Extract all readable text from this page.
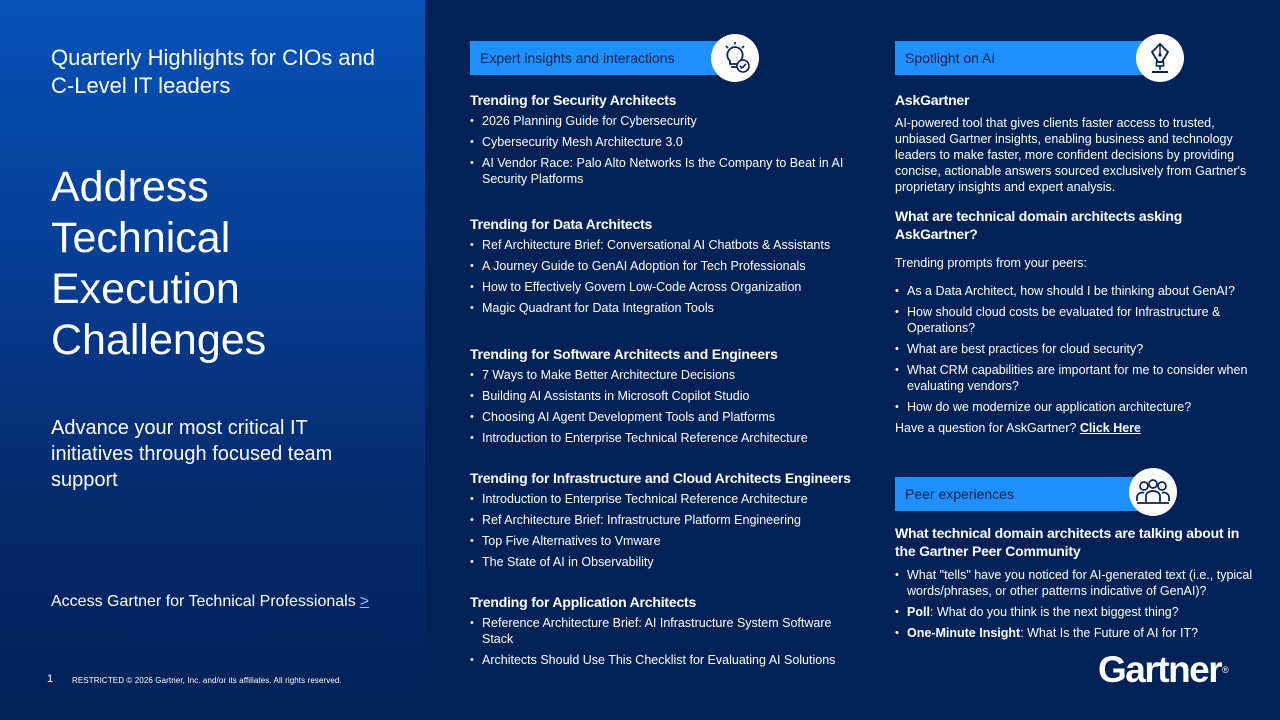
Quarterly Highlights for CIOs and C-Level IT leaders
Address Technical Execution Challenges
Advance your most critical IT initiatives through focused team support
Access Gartner for Technical Professionals >
1 RESTRICTED © 2026 Gartner, Inc. and/or its affiliates. All rights reserved.
Expert insights and interactions
Trending for Security Architects
• 2026 Planning Guide for Cybersecurity
• Cybersecurity Mesh Architecture 3.0
• AI Vendor Race: Palo Alto Networks Is the Company to Beat in AI Security Platforms
Trending for Data Architects
• Ref Architecture Brief: Conversational AI Chatbots & Assistants
• A Journey Guide to GenAI Adoption for Tech Professionals
• How to Effectively Govern Low-Code Across Organization
• Magic Quadrant for Data Integration Tools
Trending for Software Architects and Engineers
• 7 Ways to Make Better Architecture Decisions
• Building AI Assistants in Microsoft Copilot Studio
• Choosing AI Agent Development Tools and Platforms
• Introduction to Enterprise Technical Reference Architecture
Trending for Infrastructure and Cloud Architects Engineers
• Introduction to Enterprise Technical Reference Architecture
• Ref Architecture Brief: Infrastructure Platform Engineering
• Top Five Alternatives to Vmware
• The State of AI in Observability
Trending for Application Architects
• Reference Architecture Brief: AI Infrastructure System Software Stack
• Architects Should Use This Checklist for Evaluating AI Solutions
Spotlight on AI
AskGartner
AI-powered tool that gives clients faster access to trusted, unbiased Gartner insights, enabling business and technology leaders to make faster, more confident decisions by providing concise, actionable answers sourced exclusively from Gartner's proprietary insights and expert analysis.
What are technical domain architects asking AskGartner?
Trending prompts from your peers:
• As a Data Architect, how should I be thinking about GenAI?
• How should cloud costs be evaluated for Infrastructure & Operations?
• What are best practices for cloud security?
• What CRM capabilities are important for me to consider when evaluating vendors?
• How do we modernize our application architecture?
Have a question for AskGartner? Click Here
Peer experiences
What technical domain architects are talking about in the Gartner Peer Community
• What "tells" have you noticed for AI-generated text (i.e., typical words/phrases, or other patterns indicative of GenAI)?
• Poll: What do you think is the next biggest thing?
• One-Minute Insight: What Is the Future of AI for IT?
Gartner®
